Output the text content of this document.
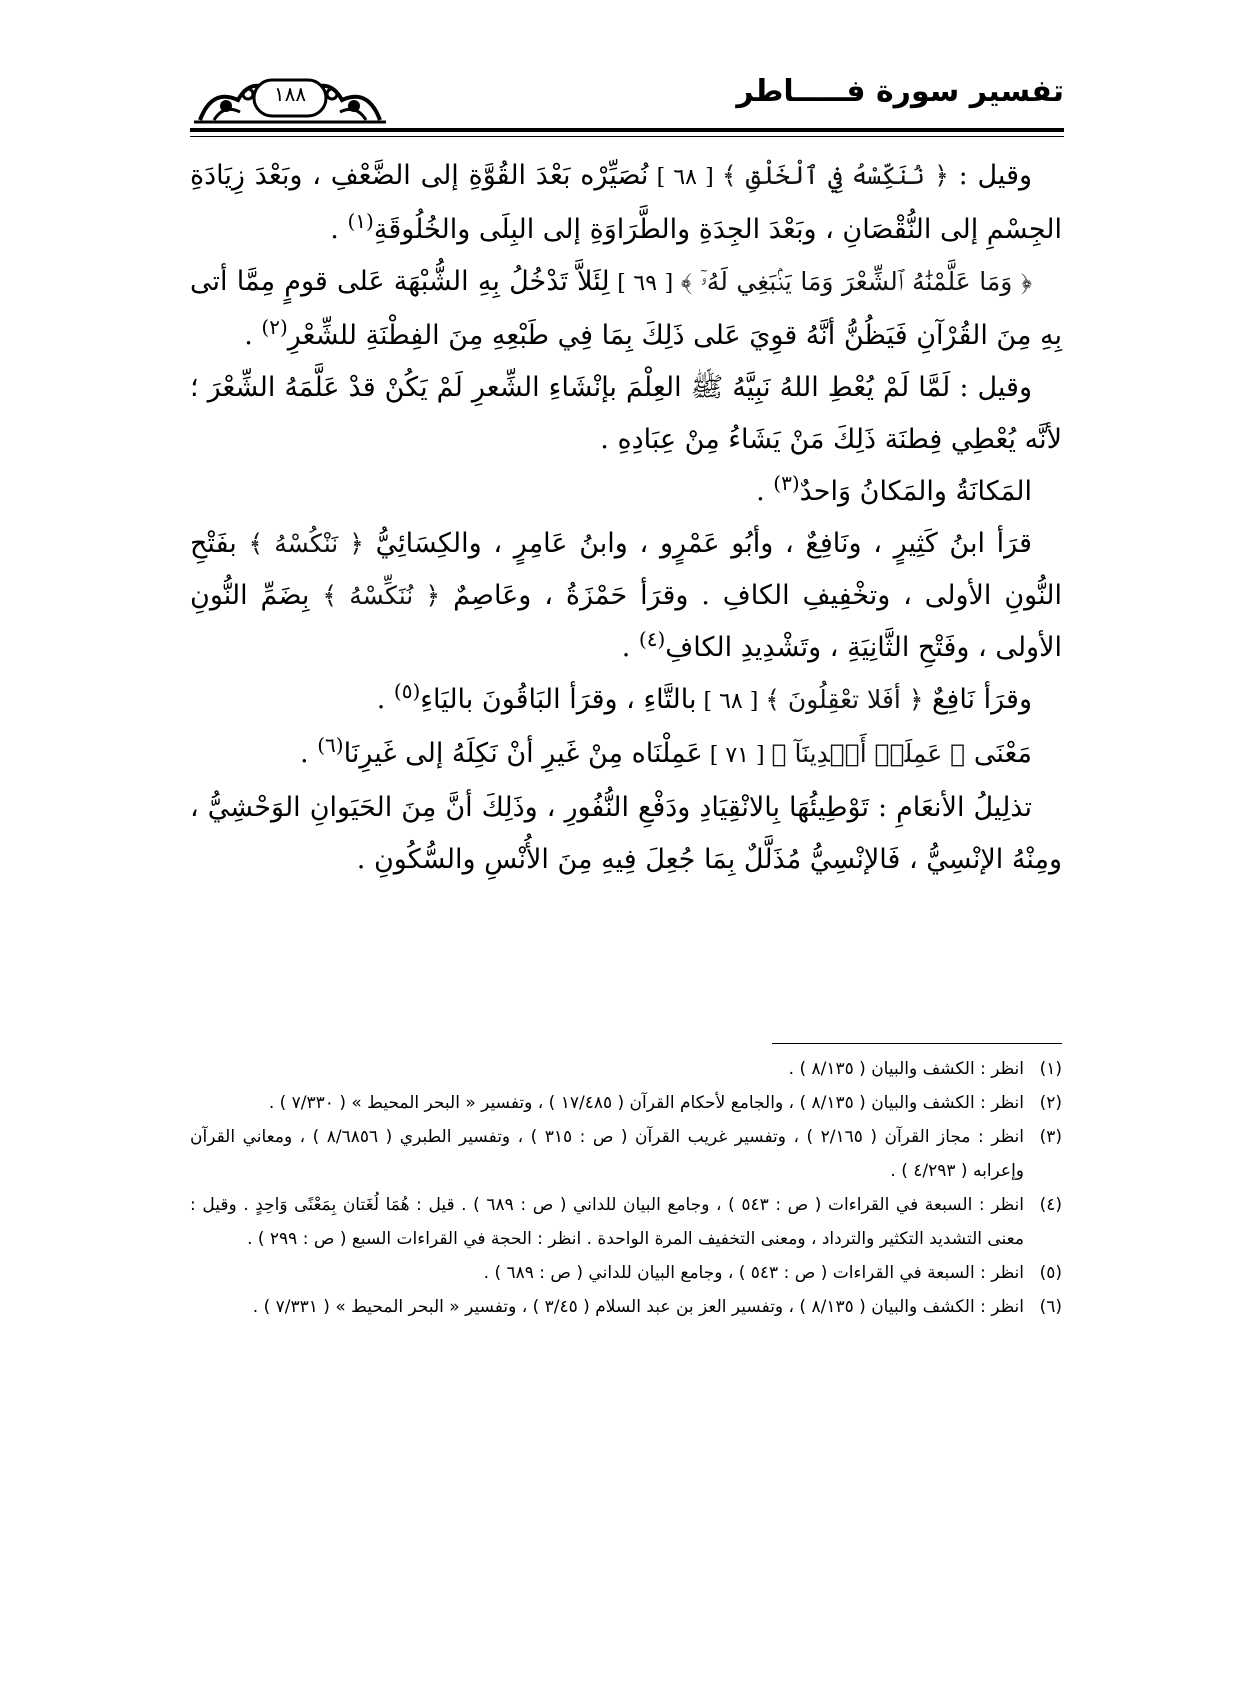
تفسير سورة فـــــاطر
١٨٨

وقيل : ﴿ نُنَكِّسْهُ فِي ٱلْخَلْقِ ﴾ [ ٦٨ ] نُصَيِّرْه بَعْدَ القُوَّةِ إلى الضَّعْفِ ، وبَعْدَ زِيَادَةِ الجِسْمِ إلى النُّقْصَانِ ، وبَعْدَ الجِدَةِ والطَّرَاوَةِ إلى البِلَى والخُلُوقَةِ$^{(١)}$ .

﴿ وَمَا عَلَّمْنَٰهُ ٱلشِّعْرَ وَمَا يَنۢبَغِي لَهُۥٓ ﴾ [ ٦٩ ] لِئَلاَّ تَدْخُلُ بِهِ الشُّبْهَة عَلى قومٍ مِمَّا أتى بِهِ مِنَ القُرْآنِ فَيَظُنُّ أنَّهُ قوِيَ عَلى ذَلِكَ بِمَا فِي طَبْعِهِ مِنَ الفِطْنَةِ للشِّعْرِ$^{(٢)}$ .

وقيل : لَمَّا لَمْ يُعْطِ اللهُ نَبِيَّهُ ﷺ العِلْمَ بإنْشَاءِ الشِّعرِ لَمْ يَكُنْ قدْ عَلَّمَهُ الشِّعْرَ ؛ لأنَّه يُعْطِي فِطنَة ذَلِكَ مَنْ يَشَاءُ مِنْ عِبَادِهِ .

المَكانَةُ والمَكانُ وَاحدٌ$^{(٣)}$ .

قرَأ ابنُ كَثِيرٍ ، ونَافِعٌ ، وأبُو عَمْرٍو ، وابنُ عَامِرٍ ، والكِسَائِيُّ ﴿ نَنْكُسْهُ ﴾ بفَتْحِ النُّونِ الأولى ، وتخْفِيفِ الكافِ . وقرَأ حَمْزَةُ ، وعَاصِمٌ ﴿ نُنَكِّسْهُ ﴾ بِضَمِّ النُّونِ الأولى ، وفَتْحِ الثَّانِيَةِ ، وتَشْدِيدِ الكافِ$^{(٤)}$ .

وقرَأ نَافِعٌ ﴿ أفَلا تعْقِلُونَ ﴾ [ ٦٨ ] بالتَّاءِ ، وقرَأ البَاقُونَ باليَاءِ$^{(٥)}$ .

مَعْنَى ﴿ عَمِلَتۡ أَيۡدِينَآ ﴾ [ ٧١ ] عَمِلْنَاه مِنْ غَيرِ أنْ نَكِلَهُ إلى غَيرِنَا$^{(٦)}$ .

تذلِيلُ الأنعَامِ : تَوْطِيئُهَا بِالانْقِيَادِ ودَفْعِ النُّفُورِ ، وذَلِكَ أنَّ مِنَ الحَيَوانِ الوَحْشِيُّ ، ومِنْهُ الإنْسِيُّ ، فَالإنْسِيُّ مُذَلَّلٌ بِمَا جُعِلَ فِيهِ مِنَ الأُنْسِ والسُّكُونِ .

(١)
انظر : الكشف والبيان ( ٨/١٣٥ ) .

(٢)
انظر : الكشف والبيان ( ٨/١٣٥ ) ، والجامع لأحكام القرآن ( ١٧/٤٨٥ ) ، وتفسير « البحر المحيط » ( ٧/٣٣٠ ) .

(٣)
انظر : مجاز القرآن ( ٢/١٦٥ ) ، وتفسير غريب القرآن ( ص : ٣١٥ ) ، وتفسير الطبري ( ٨/٦٨٥٦ ) ، ومعاني القرآن وإعرابه ( ٤/٢٩٣ ) .

(٤)
انظر : السبعة في القراءات ( ص : ٥٤٣ ) ، وجامع البيان للداني ( ص : ٦٨٩ ) . قيل : هُمَا لُغَتان بِمَعْنًى وَاحِدٍ . وقيل : معنى التشديد التكثير والترداد ، ومعنى التخفيف المرة الواحدة . انظر : الحجة في القراءات السبع ( ص : ٢٩٩ ) .

(٥)
انظر : السبعة في القراءات ( ص : ٥٤٣ ) ، وجامع البيان للداني ( ص : ٦٨٩ ) .

(٦)
انظر : الكشف والبيان ( ٨/١٣٥ ) ، وتفسير العز بن عبد السلام ( ٣/٤٥ ) ، وتفسير « البحر المحيط » ( ٧/٣٣١ ) .
